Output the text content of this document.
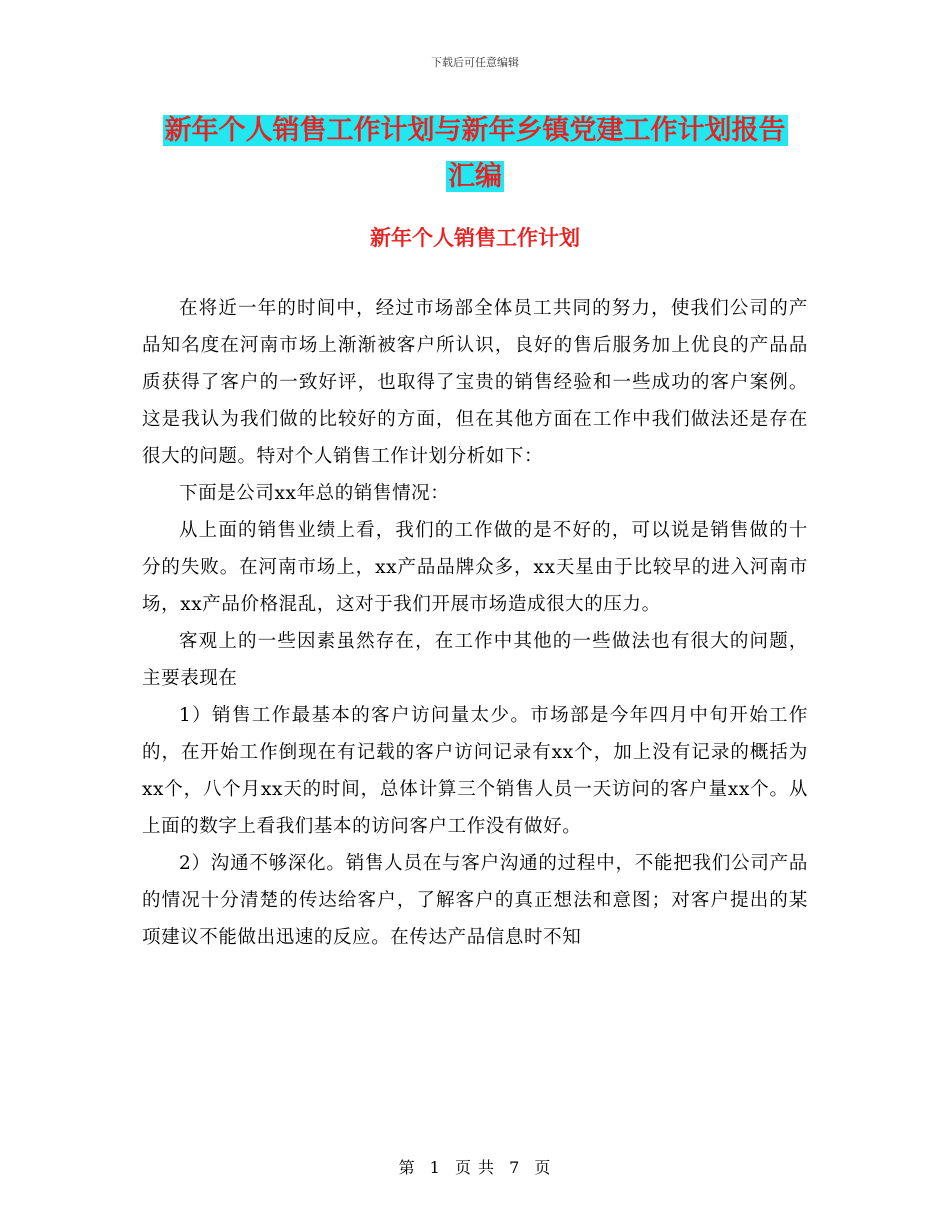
下载后可任意编辑
新年个人销售工作计划与新年乡镇党建工作计划报告
汇编
新年个人销售工作计划

在将近一年的时间中，经过市场部全体员工共同的努力，使我们公司的产品知名度在河南市场上渐渐被客户所认识，良好的售后服务加上优良的产品品质获得了客户的一致好评，也取得了宝贵的销售经验和一些成功的客户案例。这是我认为我们做的比较好的方面，但在其他方面在工作中我们做法还是存在很大的问题。特对个人销售工作计划分析如下：

下面是公司xx年总的销售情况：

从上面的销售业绩上看，我们的工作做的是不好的，可以说是销售做的十分的失败。在河南市场上，xx产品品牌众多，xx天星由于比较早的进入河南市场，xx产品价格混乱，这对于我们开展市场造成很大的压力。

客观上的一些因素虽然存在，在工作中其他的一些做法也有很大的问题，主要表现在

1）销售工作最基本的客户访问量太少。市场部是今年四月中旬开始工作的，在开始工作倒现在有记载的客户访问记录有xx个，加上没有记录的概括为xx个，八个月xx天的时间，总体计算三个销售人员一天访问的客户量xx个。从上面的数字上看我们基本的访问客户工作没有做好。

2）沟通不够深化。销售人员在与客户沟通的过程中，不能把我们公司产品的情况十分清楚的传达给客户，了解客户的真正想法和意图；对客户提出的某项建议不能做出迅速的反应。在传达产品信息时不知

第 1 页 共 7 页
